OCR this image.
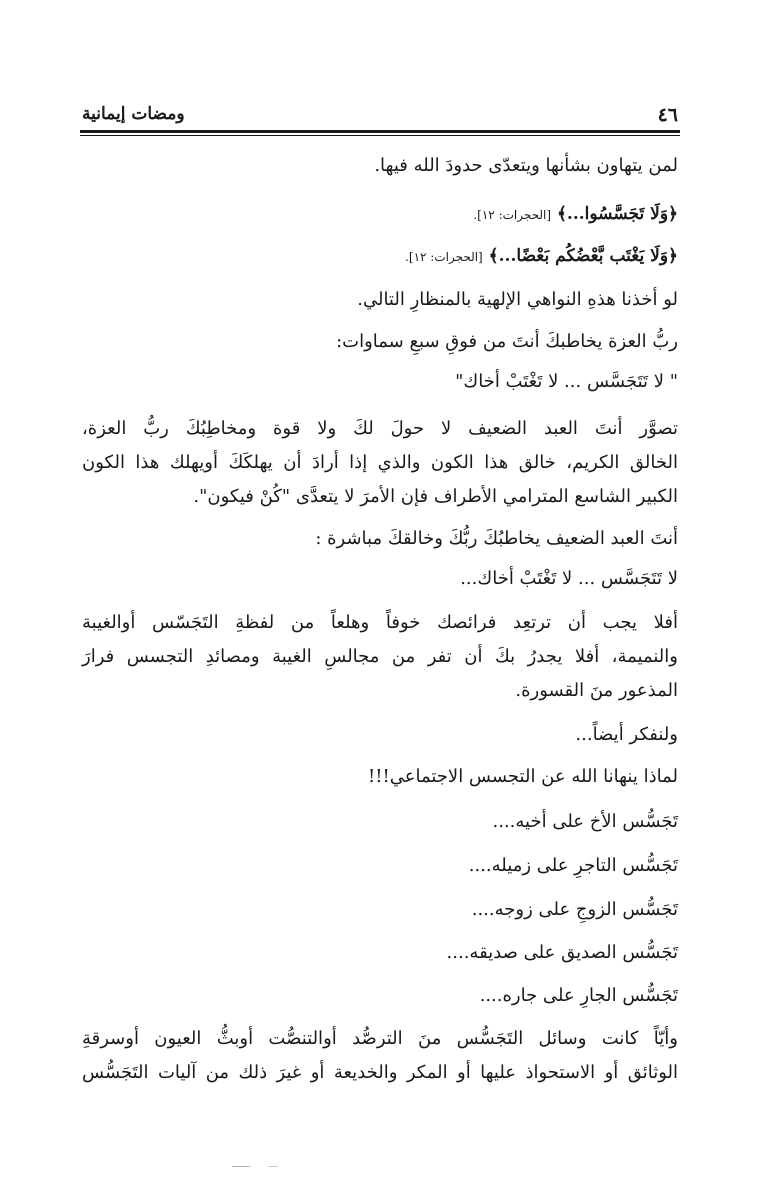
٤٦
ومضات إيمانية
لمن يتهاون بشأنها ويتعدّى حدودَ الله فيها.
﴿وَلَا تَجَسَّسُوا...﴾ [الحجرات: ١٢].
﴿وَلَا يَغْتَب بَّعْضُكُم بَعْضًا...﴾ [الحجرات: ١٢].
لو أخذنا هذهِ النواهي الإلهية بالمنظارِ التالي.
ربُّ العزة يخاطبكَ أنتَ من فوقِ سبعِ سماوات:
" لا تَتَجَسَّس ... لا تَغْتَبْ أخاك"
تصوَّر أنتَ العبد الضعيف لا حولَ لكَ ولا قوة ومخاطِبُكَ ربُّ العزة،
الخالق الكريم، خالق هذا الكون والذي إذا أرادَ أن يهلكَكَ أويهلك هذا الكون
الكبير الشاسع المترامي الأطراف فإن الأمرَ لا يتعدَّى "كُنْ فيكون".
أنتَ العبد الضعيف يخاطبُكَ ربُّكَ وخالقكَ مباشرة :
لا تَتَجَسَّس ... لا تَغْتَبْ أخاك...
أفلا يجب أن ترتعِد فرائصك خوفاً وهلعاً من لفظةِ التَجَسّس أوالغيبة
والنميمة، أفلا يجدرُ بكَ أن تفر من مجالسِ الغيبة ومصائدِ التجسس فرارَ
المذعور منَ القسورة.
ولنفكر أيضاً...
لماذا ينهانا الله عن التجسس الاجتماعي!!!
تَجَسُّس الأخ على أخيه....
تَجَسُّس التاجرِ على زميله....
تَجَسُّس الزوجِ على زوجه....
تَجَسُّس الصديق على صديقه....
تَجَسُّس الجارِ على جاره....
وأيّاً كانت وسائل التَجَسُّس منَ الترصُّد أوالتنصُّت أوبثُّ العيون أوسرقةِ
الوثائق أو الاستحواذ عليها أو المكر والخديعة أو غيرَ ذلك من آليات التَجَسُّس
